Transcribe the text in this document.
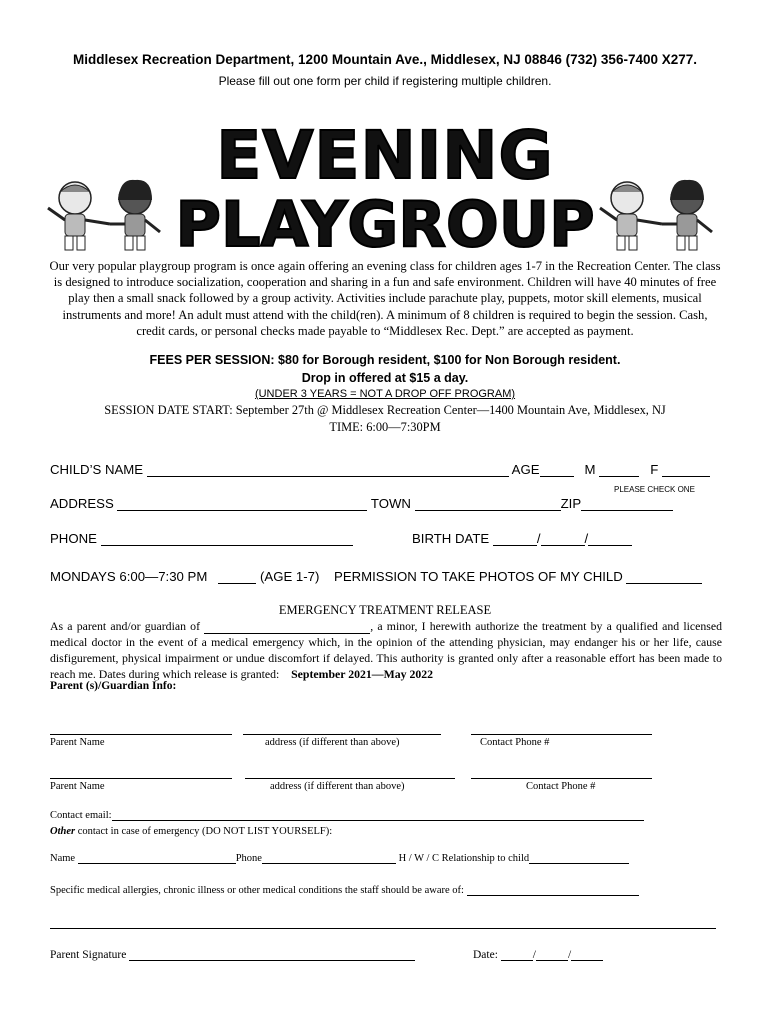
Middlesex Recreation Department, 1200 Mountain Ave., Middlesex, NJ 08846 (732) 356-7400 X277.
Please fill out one form per child if registering multiple children.
EVENING
PLAYGROUP
Our very popular playgroup program is once again offering an evening class for children ages 1-7 in the Recreation Center. The class is designed to introduce socialization, cooperation and sharing in a fun and safe environment. Children will have 40 minutes of free play then a small snack followed by a group activity. Activities include parachute play, puppets, motor skill elements, musical instruments and more! An adult must attend with the child(ren). A minimum of 8 children is required to begin the session. Cash, credit cards, or personal checks made payable to “Middlesex Rec. Dept.” are accepted as payment.
FEES PER SESSION: $80 for Borough resident, $100 for Non Borough resident.
Drop in offered at $15 a day.
(UNDER 3 YEARS = NOT A DROP OFF PROGRAM)
SESSION DATE START: September 27th @ Middlesex Recreation Center—1400 Mountain Ave, Middlesex, NJ
TIME: 6:00—7:30PM
CHILD’S NAME	AGE	M	F
PLEASE CHECK ONE
ADDRESS	TOWN	ZIP
PHONE	BIRTH DATE	/	/
MONDAYS 6:00—7:30 PM	(AGE 1-7) PERMISSION TO TAKE PHOTOS OF MY CHILD
EMERGENCY TREATMENT RELEASE
As a parent and/or guardian of	, a minor, I herewith authorize the treatment by a qualified and licensed medical doctor in the event of a medical emergency which, in the opinion of the attending physician, may endanger his or her life, cause disfigurement, physical impairment or undue discomfort if delayed. This authority is granted only after a reasonable effort has been made to reach me. Dates during which release is granted: September 2021—May 2022
Parent (s)/Guardian Info:
Parent Name	address (if different than above)	Contact Phone #
Parent Name	address (if different than above)	Contact Phone #
Contact email:
Other contact in case of emergency (DO NOT LIST YOURSELF):
Name	Phone	H / W / C Relationship to child
Specific medical allergies, chronic illness or other medical conditions the staff should be aware of:
Parent Signature	Date:	/	/
